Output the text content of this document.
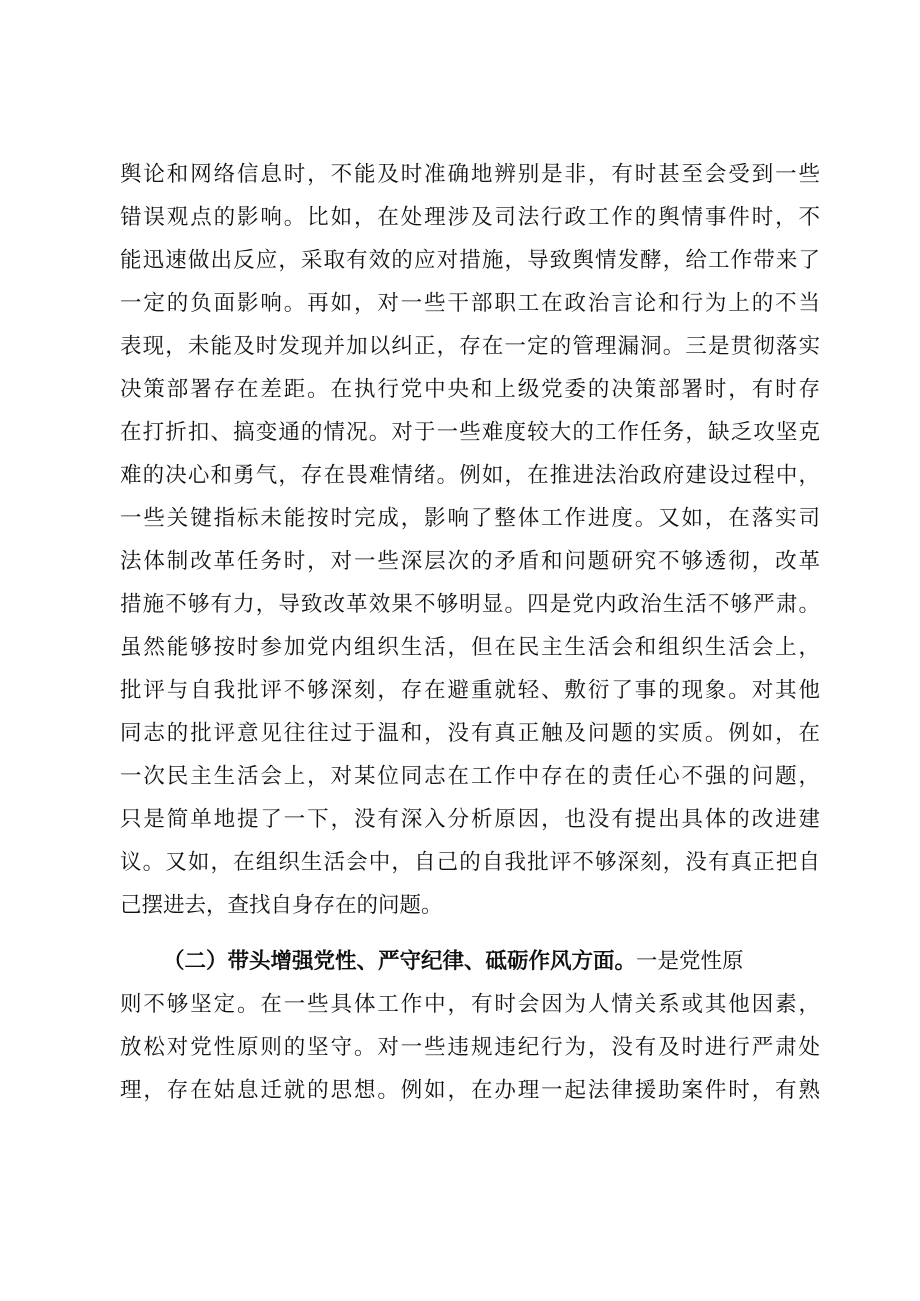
舆论和网络信息时，不能及时准确地辨别是非，有时甚至会受到一些
错误观点的影响。比如，在处理涉及司法行政工作的舆情事件时，不
能迅速做出反应，采取有效的应对措施，导致舆情发酵，给工作带来了
一定的负面影响。再如，对一些干部职工在政治言论和行为上的不当
表现，未能及时发现并加以纠正，存在一定的管理漏洞。三是贯彻落实
决策部署存在差距。在执行党中央和上级党委的决策部署时，有时存
在打折扣、搞变通的情况。对于一些难度较大的工作任务，缺乏攻坚克
难的决心和勇气，存在畏难情绪。例如，在推进法治政府建设过程中，
一些关键指标未能按时完成，影响了整体工作进度。又如，在落实司
法体制改革任务时，对一些深层次的矛盾和问题研究不够透彻，改革
措施不够有力，导致改革效果不够明显。四是党内政治生活不够严肃。
虽然能够按时参加党内组织生活，但在民主生活会和组织生活会上，
批评与自我批评不够深刻，存在避重就轻、敷衍了事的现象。对其他
同志的批评意见往往过于温和，没有真正触及问题的实质。例如，在
一次民主生活会上，对某位同志在工作中存在的责任心不强的问题，
只是简单地提了一下，没有深入分析原因，也没有提出具体的改进建
议。又如，在组织生活会中，自己的自我批评不够深刻，没有真正把自
己摆进去，查找自身存在的问题。
（二）带头增强党性、严守纪律、砥砺作风方面。一是党性原
则不够坚定。在一些具体工作中，有时会因为人情关系或其他因素，
放松对党性原则的坚守。对一些违规违纪行为，没有及时进行严肃处
理，存在姑息迁就的思想。例如，在办理一起法律援助案件时，有熟
